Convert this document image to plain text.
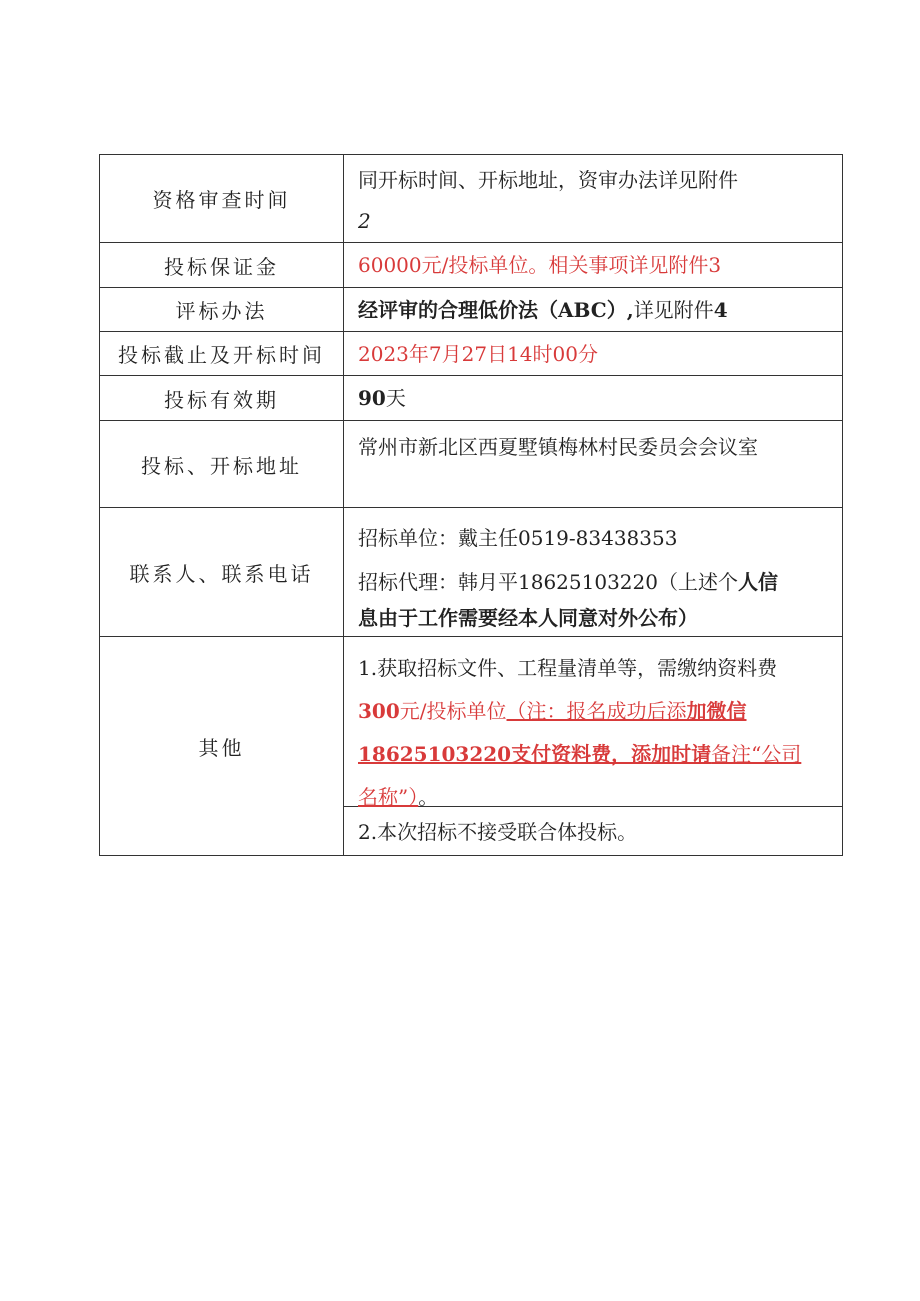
资格审查时间	同开标时间、开标地址，资审办法详见附件
2

投标保证金	60000元/投标单位。相关事项详见附件3
评标办法	经评审的合理低价法（ABC）,详见附件4
投标截止及开标时间	2023年7月27日14时00分
投标有效期	90天
投标、开标地址	常州市新北区西夏墅镇梅林村民委员会会议室
联系人、联系电话	招标单位：戴主任0519-83438353
招标代理：韩月平18625103220（上述个人信
息由于工作需要经本人同意对外公布）

其他	1.获取招标文件、工程量清单等，需缴纳资料费
300元/投标单位（注：报名成功后添加微信
18625103220支付资料费，添加时请备注“公司
名称”）。
2.本次招标不接受联合体投标。
